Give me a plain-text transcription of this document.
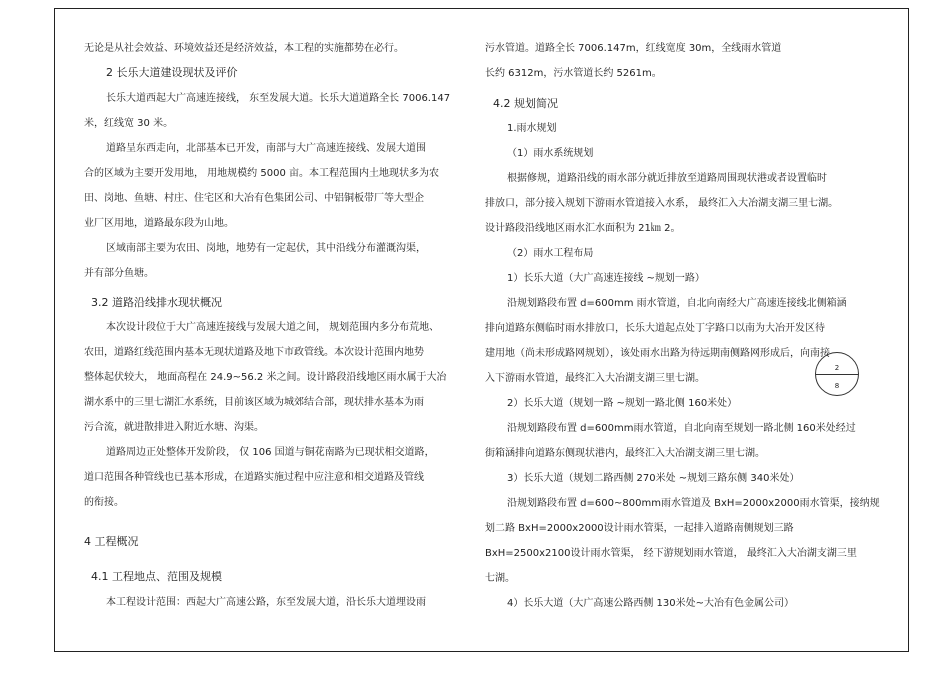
无论是从社会效益、环境效益还是经济效益，本工程的实施都势在必行。
2 长乐大道建设现状及评价
长乐大道西起大广高速连接线， 东至发展大道。长乐大道道路全长 7006.147
米，红线宽 30 米。
道路呈东西走向，北部基本已开发，南部与大广高速连接线、发展大道围
合的区域为主要开发用地， 用地规模约 5000 亩。本工程范围内土地现状多为农
田、岗地、鱼塘、村庄、住宅区和大冶有色集团公司、中铝铜板带厂等大型企
业厂区用地，道路最东段为山地。
区域南部主要为农田、岗地，地势有一定起伏，其中沿线分布灌溉沟渠，
并有部分鱼塘。
3.2 道路沿线排水现状概况
本次设计段位于大广高速连接线与发展大道之间， 规划范围内多分布荒地、
农田，道路红线范围内基本无现状道路及地下市政管线。本次设计范围内地势
整体起伏较大， 地面高程在 24.9~56.2 米之间。设计路段沿线地区雨水属于大冶
湖水系中的三里七湖汇水系统，目前该区域为城郊结合部，现状排水基本为雨
污合流，就进散排进入附近水塘、沟渠。
道路周边正处整体开发阶段， 仅 106 国道与铜花南路为已现状相交道路，
道口范围各种管线也已基本形成，在道路实施过程中应注意和相交道路及管线
的衔接。
4 工程概况
4.1 工程地点、范围及规模
本工程设计范围：西起大广高速公路，东至发展大道，沿长乐大道埋设雨
污水管道。道路全长 7006.147m，红线宽度 30m，全线雨水管道
长约 6312m，污水管道长约 5261m。
4.2 规划简况
1.雨水规划
（1）雨水系统规划
根据修规，道路沿线的雨水部分就近排放至道路周围现状港或者设置临时
排放口，部分接入规划下游雨水管道接入水系， 最终汇入大冶湖支湖三里七湖。
设计路段沿线地区雨水汇水面积为 21㎞ 2。
（2）雨水工程布局
1）长乐大道（大广高速连接线 ~规划一路）
沿规划路段布置 d=600mm 雨水管道，自北向南经大广高速连接线北侧箱涵
排向道路东侧临时雨水排放口，长乐大道起点处丁字路口以南为大冶开发区待
建用地（尚未形成路网规划），该处雨水出路为待远期南侧路网形成后，向南接
入下游雨水管道，最终汇入大冶湖支湖三里七湖。
2）长乐大道（规划一路 ~规划一路北侧 160米处）
沿规划路段布置 d=600mm雨水管道，自北向南至规划一路北侧 160米处经过
街箱涵排向道路东侧现状港内，最终汇入大冶湖支湖三里七湖。
3）长乐大道（规划二路西侧 270米处 ~规划三路东侧 340米处）
沿规划路段布置 d=600~800mm雨水管道及 BxH=2000x2000雨水管渠，接纳规
划二路 BxH=2000x2000设计雨水管渠，一起排入道路南侧规划三路
BxH=2500x2100设计雨水管渠， 经下游规划雨水管道， 最终汇入大冶湖支湖三里
七湖。
4）长乐大道（大广高速公路西侧 130米处~大冶有色金属公司）
2
8
